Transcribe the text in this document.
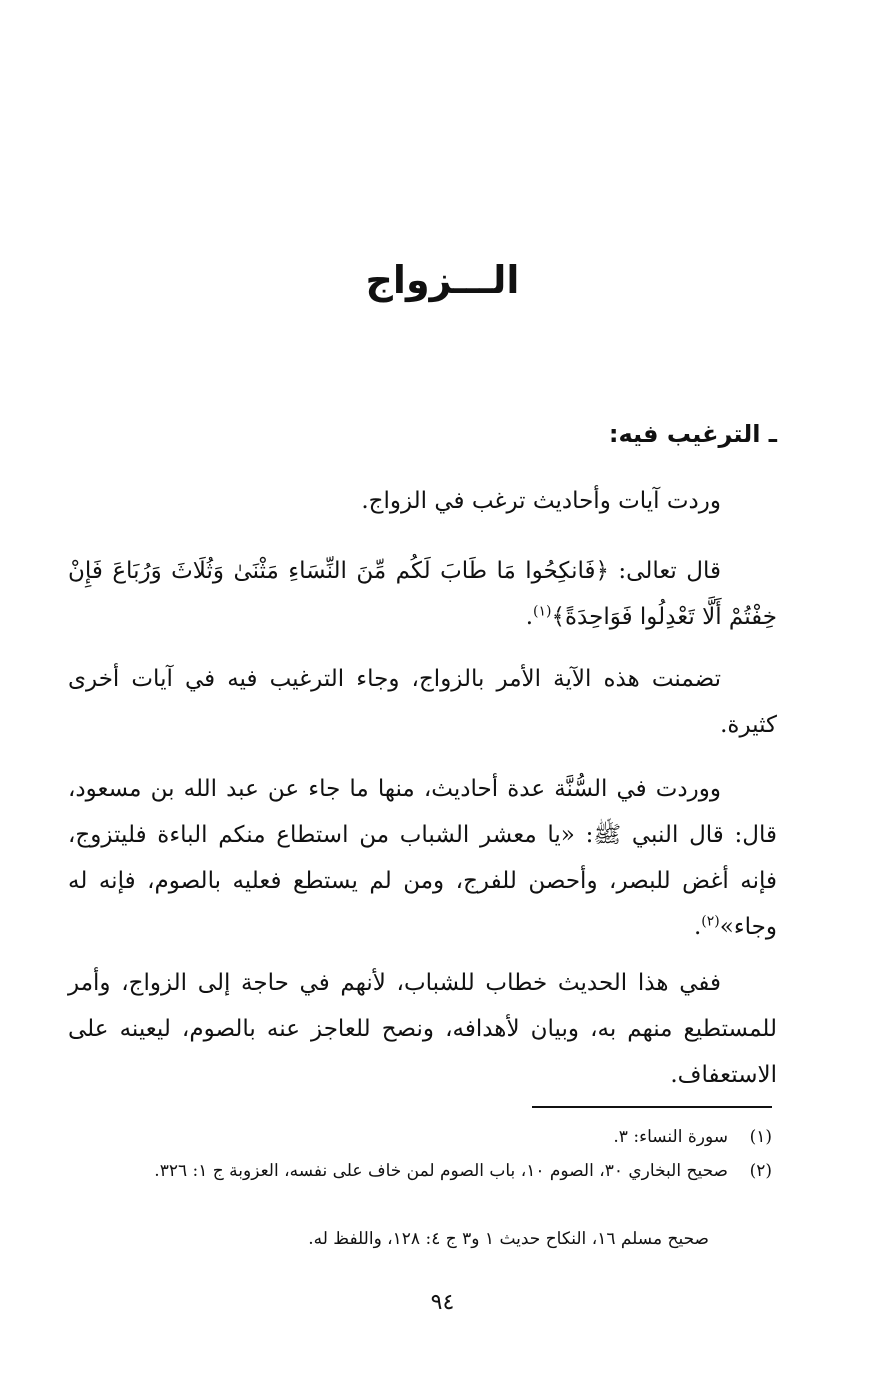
الـــزواج
ـ الترغيب فيه:

وردت آيات وأحاديث ترغب في الزواج.

قال تعالى: ﴿فَانكِحُوا مَا طَابَ لَكُم مِّنَ النِّسَاءِ مَثْنَىٰ وَثُلَاثَ وَرُبَاعَ فَإِنْ خِفْتُمْ أَلَّا تَعْدِلُوا فَوَاحِدَةً﴾$^{(١)}$.

تضمنت هذه الآية الأمر بالزواج، وجاء الترغيب فيه في آيات أخرى كثيرة.

ووردت في السُّنَّة عدة أحاديث، منها ما جاء عن عبد الله بن مسعود، قال: قال النبي ﷺ: «يا معشر الشباب من استطاع منكم الباءة فليتزوج، فإنه أغض للبصر، وأحصن للفرج، ومن لم يستطع فعليه بالصوم، فإنه له وجاء»$^{(٢)}$.

ففي هذا الحديث خطاب للشباب، لأنهم في حاجة إلى الزواج، وأمر للمستطيع منهم به، وبيان لأهدافه، ونصح للعاجز عنه بالصوم، ليعينه على الاستعفاف.

(١)
سورة النساء: ٣.
(٢)
صحيح البخاري ٣٠، الصوم ١٠، باب الصوم لمن خاف على نفسه، العزوبة ج ١: ٣٢٦.

صحيح مسلم ١٦، النكاح حديث ١ و٣ ج ٤: ١٢٨، واللفظ له.

٩٤
